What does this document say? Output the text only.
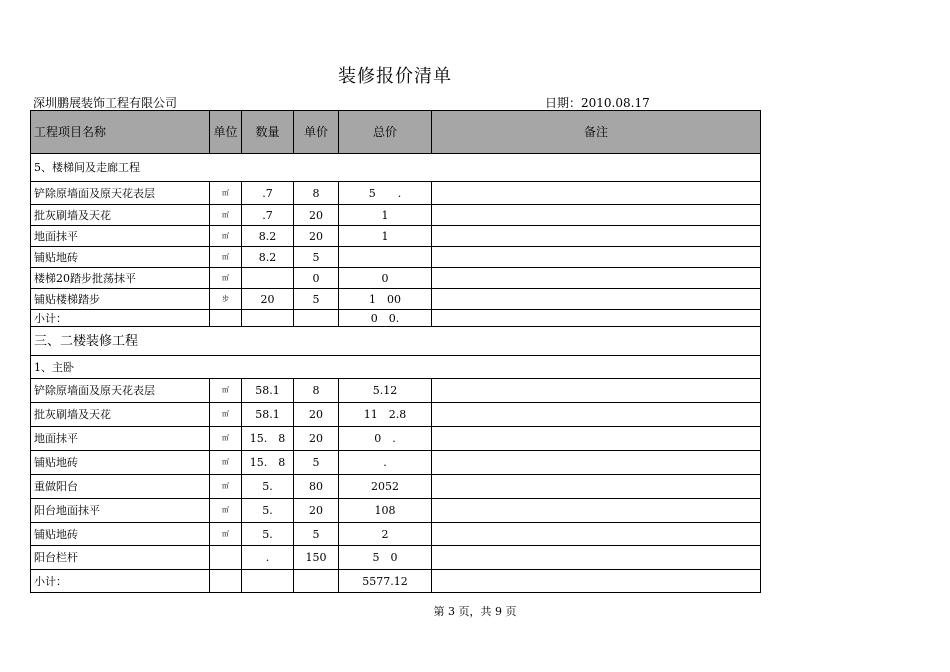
装修报价清单
深圳鹏展装饰工程有限公司	日期：2010.08.17
工程项目名称	单位	数量	单价	总价	备注
5、楼梯间及走廊工程					
铲除原墙面及原天花表层	㎡	.7	8	5　　.	
批灰刷墙及天花	㎡	.7	20	1	
地面抹平	㎡	8.2	20	1	
铺贴地砖	㎡	8.2	5		
楼梯20踏步批荡抹平	㎡		0	0	
铺贴楼梯踏步	步	20	5	1　00	
小计：				0　0.	
三、二楼装修工程					
1、主卧					
铲除原墙面及原天花表层	㎡	58.1	8	5.12	
批灰刷墙及天花	㎡	58.1	20	11　2.8	
地面抹平	㎡	15.　8	20	0　.	
铺贴地砖	㎡	15.　8	5	.	
重做阳台	㎡	5.	80	2052	
阳台地面抹平	㎡	5.	20	108	
铺贴地砖	㎡	5.	5	2	
阳台栏杆		.	150	5　0	
小计：				5577.12	
第 3 页，共 9 页
